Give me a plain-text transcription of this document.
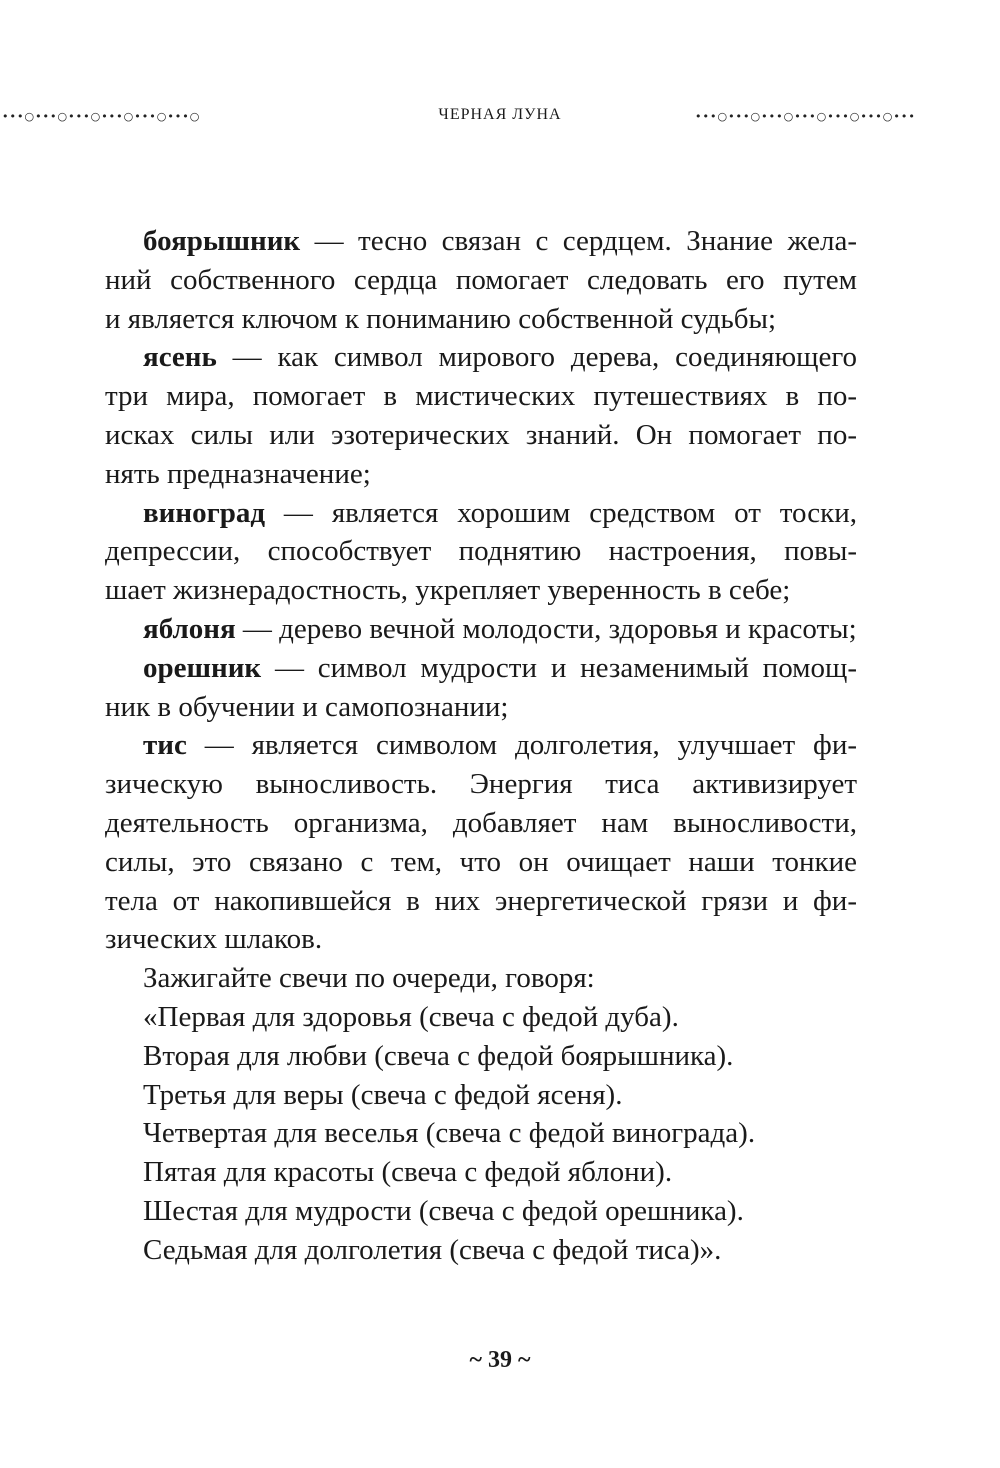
•••○•••○•••○•••○•••○•••○	ЧЕРНАЯ ЛУНА	•••○•••○•••○•••○•••○•••○•••
боярышник — тесно связан с сердцем. Знание жела-
ний собственного сердца помогает следовать его путем
и является ключом к пониманию собственной судьбы;
ясень — как символ мирового дерева, соединяющего
три мира, помогает в мистических путешествиях в по-
исках силы или эзотерических знаний. Он помогает по-
нять предназначение;
виноград — является хорошим средством от тоски,
депрессии, способствует поднятию настроения, повы-
шает жизнерадостность, укрепляет уверенность в себе;
яблоня — дерево вечной молодости, здоровья и красоты;
орешник — символ мудрости и незаменимый помощ-
ник в обучении и самопознании;
тис — является символом долголетия, улучшает фи-
зическую выносливость. Энергия тиса активизирует
деятельность организма, добавляет нам выносливости,
силы, это связано с тем, что он очищает наши тонкие
тела от накопившейся в них энергетической грязи и фи-
зических шлаков.
Зажигайте свечи по очереди, говоря:
«Первая для здоровья (свеча с федой дуба).
Вторая для любви (свеча с федой боярышника).
Третья для веры (свеча с федой ясеня).
Четвертая для веселья (свеча с федой винограда).
Пятая для красоты (свеча с федой яблони).
Шестая для мудрости (свеча с федой орешника).
Седьмая для долголетия (свеча с федой тиса)».
~ 39 ~
